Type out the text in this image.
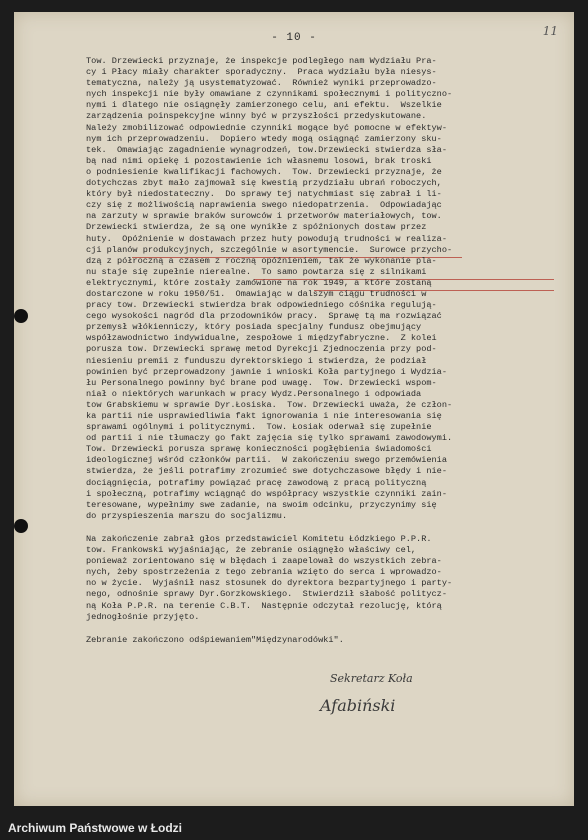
- 10 -	11

Tow. Drzewiecki przyznaje, że inspekcje podległego nam Wydziału Pra-
cy i Płacy miały charakter sporadyczny.  Praca wydziału była niesys-
tematyczna, należy ją usystematyzować.  Również wyniki przeprowadzo-
nych inspekcji nie były omawiane z czynnikami społecznymi i polityczno-
nymi i dlatego nie osiągnęły zamierzonego celu, ani efektu.  Wszelkie
zarządzenia poinspekcyjne winny być w przyszłości przedyskutowane.
Należy zmobilizować odpowiednie czynniki mogące być pomocne w efektyw-
nym ich przeprowadzeniu.  Dopiero wtedy mogą osiągnąć zamierzony sku-
tek.  Omawiając zagadnienie wynagrodzeń, tow.Drzewiecki stwierdza sła-
bą nad nimi opiekę i pozostawienie ich własnemu losowi, brak troski
o podniesienie kwalifikacji fachowych.  Tow. Drzewiecki przyznaje, że
dotychczas zbyt mało zajmował się kwestią przydziału ubrań roboczych,
który był niedostateczny.  Do sprawy tej natychmiast się zabrał i li-
czy się z możliwością naprawienia swego niedopatrzenia.  Odpowiadając
na zarzuty w sprawie braków surowców i przetworów materiałowych, tow.
Drzewiecki stwierdza, że są one wynikłe z spóźnionych dostaw przez
huty.  Opóźnienie w dostawach przez huty powodują trudności w realiza-
cji planów produkcyjnych, szczególnie w asortymencie.  Surowce przycho-
dzą z półroczną a czasem z roczną opóźnieniem, tak że wykonanie pla-
nu staje się zupełnie nierealne.  To samo powtarza się z silnikami
elektrycznymi, które zostały zamówione na rok 1949, a które zostaną
dostarczone w roku 1950/51.  Omawiając w dalszym ciągu trudności w
pracy tow. Drzewiecki stwierdza brak odpowiedniego cóśnika regulują-
cego wysokości nagród dla przodowników pracy.  Sprawę tą ma rozwiązać
przemysł włókienniczy, który posiada specjalny fundusz obejmujący
współzawodnictwo indywidualne, zespołowe i międzyfabryczne.  Z kolei
porusza tow. Drzewiecki sprawę metod Dyrekcji Zjednoczenia przy pod-
niesieniu premii z funduszu dyrektorskiego i stwierdza, że podział
powinien być przeprowadzony jawnie i wnioski Koła partyjnego i Wydzia-
łu Personalnego powinny być brane pod uwagę.  Tow. Drzewiecki wspom-
niał o niektórych warunkach w pracy Wydz.Personalnego i odpowiada
tow Grabskiemu w sprawie Dyr.Łosiska.  Tow. Drzewiecki uważa, że człon-
ka partii nie usprawiedliwia fakt ignorowania i nie interesowania się
sprawami ogólnymi i politycznymi.  Tow. Łosiak oderwał się zupełnie
od partii i nie tłumaczy go fakt zajęcia się tylko sprawami zawodowymi.
Tow. Drzewiecki porusza sprawę konieczności pogłębienia świadomości
ideologicznej wśród członków partii.  W zakończeniu swego przemówienia
stwierdza, że jeśli potrafimy zrozumieć swe dotychczasowe błędy i nie-
dociągnięcia, potrafimy powiązać pracę zawodową z pracą polityczną
i społeczną, potrafimy wciągnąć do współpracy wszystkie czynniki zain-
teresowane, wypełnimy swe zadanie, na swoim odcinku, przyczynimy się
do przyspieszenia marszu do socjalizmu.

Na zakończenie zabrał głos przedstawiciel Komitetu Łódzkiego P.P.R.
tow. Frankowski wyjaśniając, że zebranie osiągnęło właściwy cel,
ponieważ zorientowano się w błędach i zaapelował do wszystkich zebra-
nych, żeby spostrzeżenia z tego zebrania wzięto do serca i wprowadzo-
no w życie.  Wyjaśnił nasz stosunek do dyrektora bezpartyjnego i party-
nego, odnośnie sprawy Dyr.Gorzkowskiego.  Stwierdził słabość politycz-
ną Koła P.P.R. na terenie C.B.T.  Następnie odczytał rezolucję, którą
jednogłośnie przyjęto.

Zebranie zakończono odśpiewaniem"Międzynarodówki".

Sekretarz Koła
Afabiński
Archiwum Państwowe w Łodzi
